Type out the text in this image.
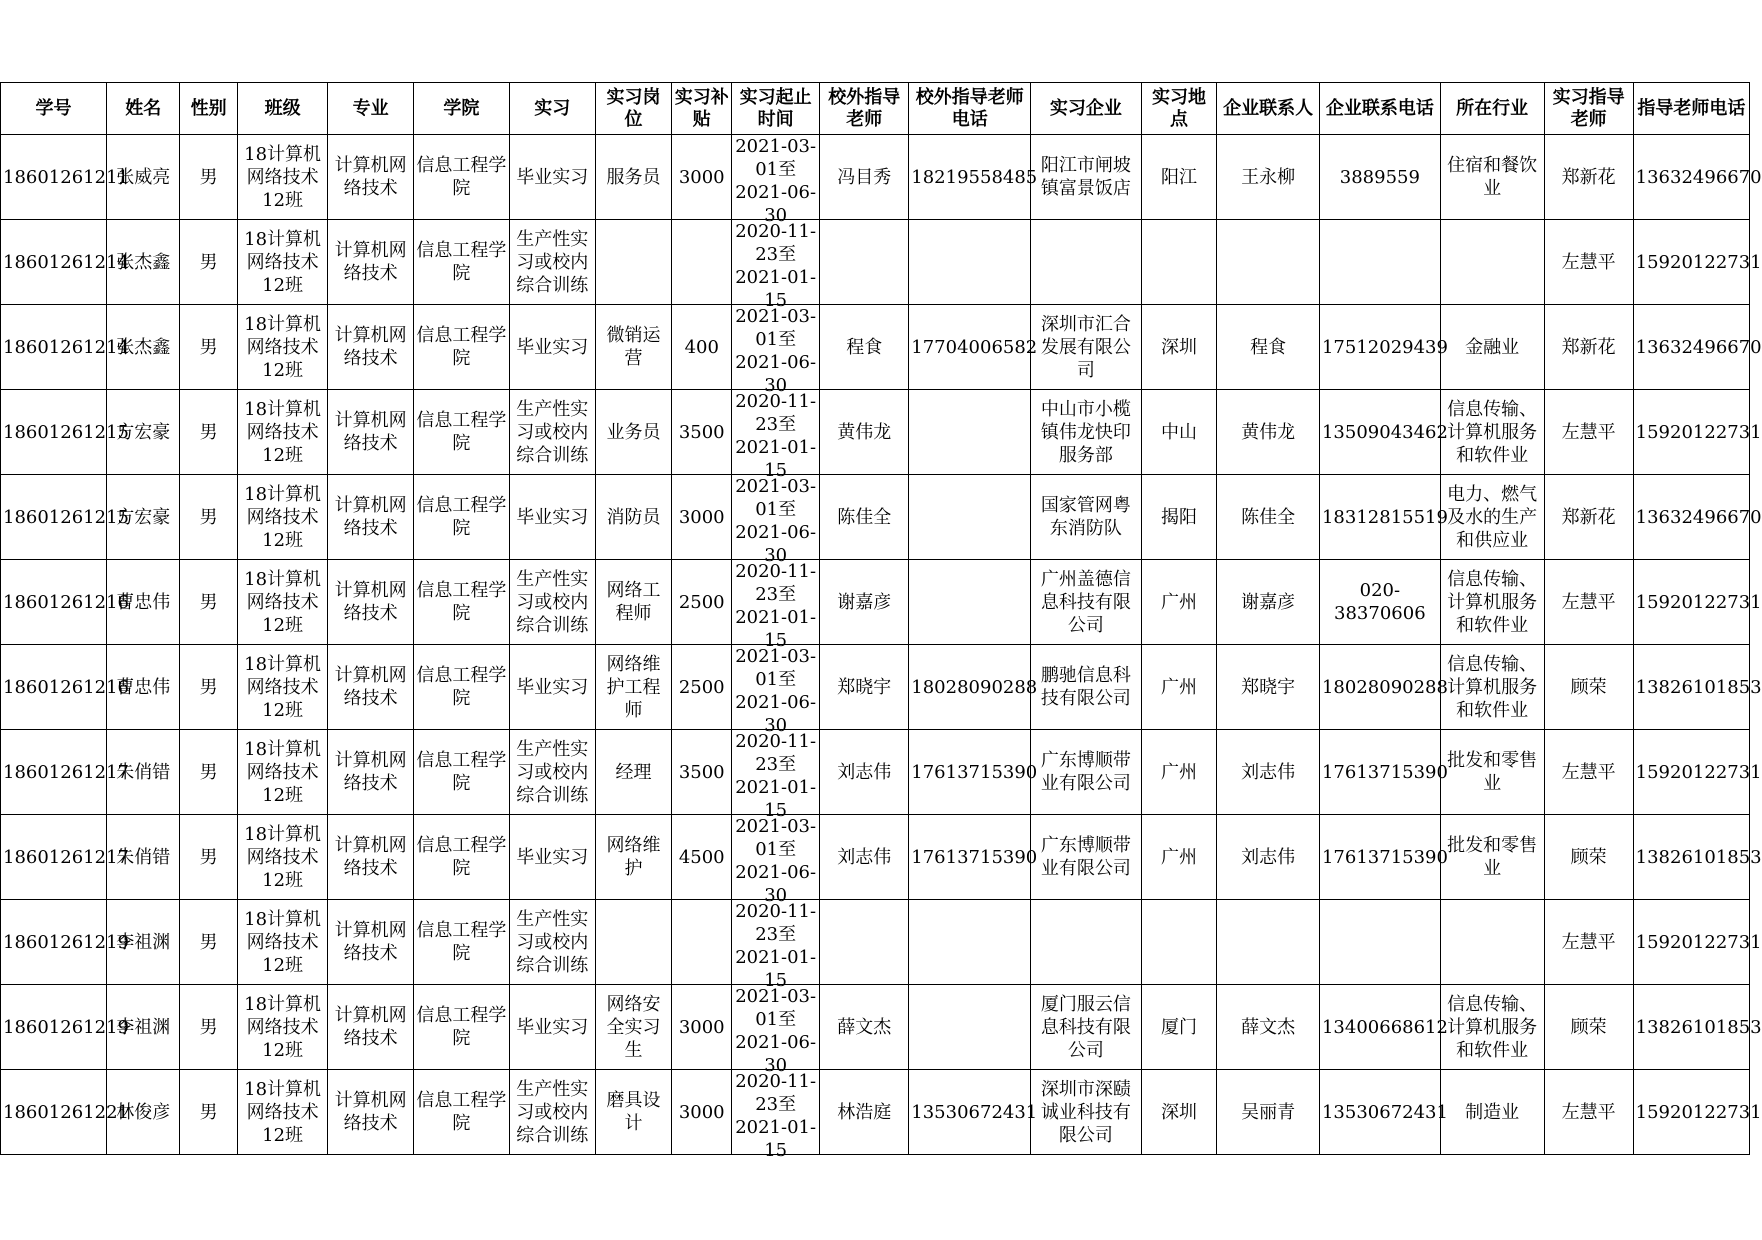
学号	姓名	性别	班级	专业	学院	实习	实习岗位	实习补贴	实习起止时间	校外指导老师	校外指导老师电话	实习企业	实习地点	企业联系人	企业联系电话	所在行业	实习指导老师	指导老师电话

18601261211	张威亮	男	18计算机网络技术12班	计算机网络技术	信息工程学院	毕业实习	服务员	3000	2021-03-01至2021-06-30	冯目秀	18219558485	阳江市闸坡镇富景饭店	阳江	王永柳	3889559	住宿和餐饮业	郑新花	13632496670

18601261214	张杰鑫	男	18计算机网络技术12班	计算机网络技术	信息工程学院	生产性实习或校内综合训练			2020-11-23至2021-01-15								左慧平	15920122731

18601261214	张杰鑫	男	18计算机网络技术12班	计算机网络技术	信息工程学院	毕业实习	微销运营	400	2021-03-01至2021-06-30	程食	17704006582	深圳市汇合发展有限公司	深圳	程食	17512029439	金融业	郑新花	13632496670

18601261215	方宏豪	男	18计算机网络技术12班	计算机网络技术	信息工程学院	生产性实习或校内综合训练	业务员	3500	2020-11-23至2021-01-15	黄伟龙		中山市小榄镇伟龙快印服务部	中山	黄伟龙	13509043462	信息传输、计算机服务和软件业	左慧平	15920122731

18601261215	方宏豪	男	18计算机网络技术12班	计算机网络技术	信息工程学院	毕业实习	消防员	3000	2021-03-01至2021-06-30	陈佳全		国家管网粤东消防队	揭阳	陈佳全	18312815519	电力、燃气及水的生产和供应业	郑新花	13632496670

18601261216	曹忠伟	男	18计算机网络技术12班	计算机网络技术	信息工程学院	生产性实习或校内综合训练	网络工程师	2500	2020-11-23至2021-01-15	谢嘉彦		广州盖德信息科技有限公司	广州	谢嘉彦	020-38370606	信息传输、计算机服务和软件业	左慧平	15920122731

18601261216	曹忠伟	男	18计算机网络技术12班	计算机网络技术	信息工程学院	毕业实习	网络维护工程师	2500	2021-03-01至2021-06-30	郑晓宇	18028090288	鹏驰信息科技有限公司	广州	郑晓宇	18028090288	信息传输、计算机服务和软件业	顾荣	13826101853

18601261217	朱俏错	男	18计算机网络技术12班	计算机网络技术	信息工程学院	生产性实习或校内综合训练	经理	3500	2020-11-23至2021-01-15	刘志伟	17613715390	广东博顺带业有限公司	广州	刘志伟	17613715390	批发和零售业	左慧平	15920122731

18601261217	朱俏错	男	18计算机网络技术12班	计算机网络技术	信息工程学院	毕业实习	网络维护	4500	2021-03-01至2021-06-30	刘志伟	17613715390	广东博顺带业有限公司	广州	刘志伟	17613715390	批发和零售业	顾荣	13826101853

18601261219	李祖渊	男	18计算机网络技术12班	计算机网络技术	信息工程学院	生产性实习或校内综合训练			2020-11-23至2021-01-15								左慧平	15920122731

18601261219	李祖渊	男	18计算机网络技术12班	计算机网络技术	信息工程学院	毕业实习	网络安全实习生	3000	2021-03-01至2021-06-30	薛文杰		厦门服云信息科技有限公司	厦门	薛文杰	13400668612	信息传输、计算机服务和软件业	顾荣	13826101853

18601261221	林俊彦	男	18计算机网络技术12班	计算机网络技术	信息工程学院	生产性实习或校内综合训练	磨具设计	3000	2020-11-23至2021-01-15	林浩庭	13530672431	深圳市深赜诚业科技有限公司	深圳	吴丽青	13530672431	制造业	左慧平	15920122731
